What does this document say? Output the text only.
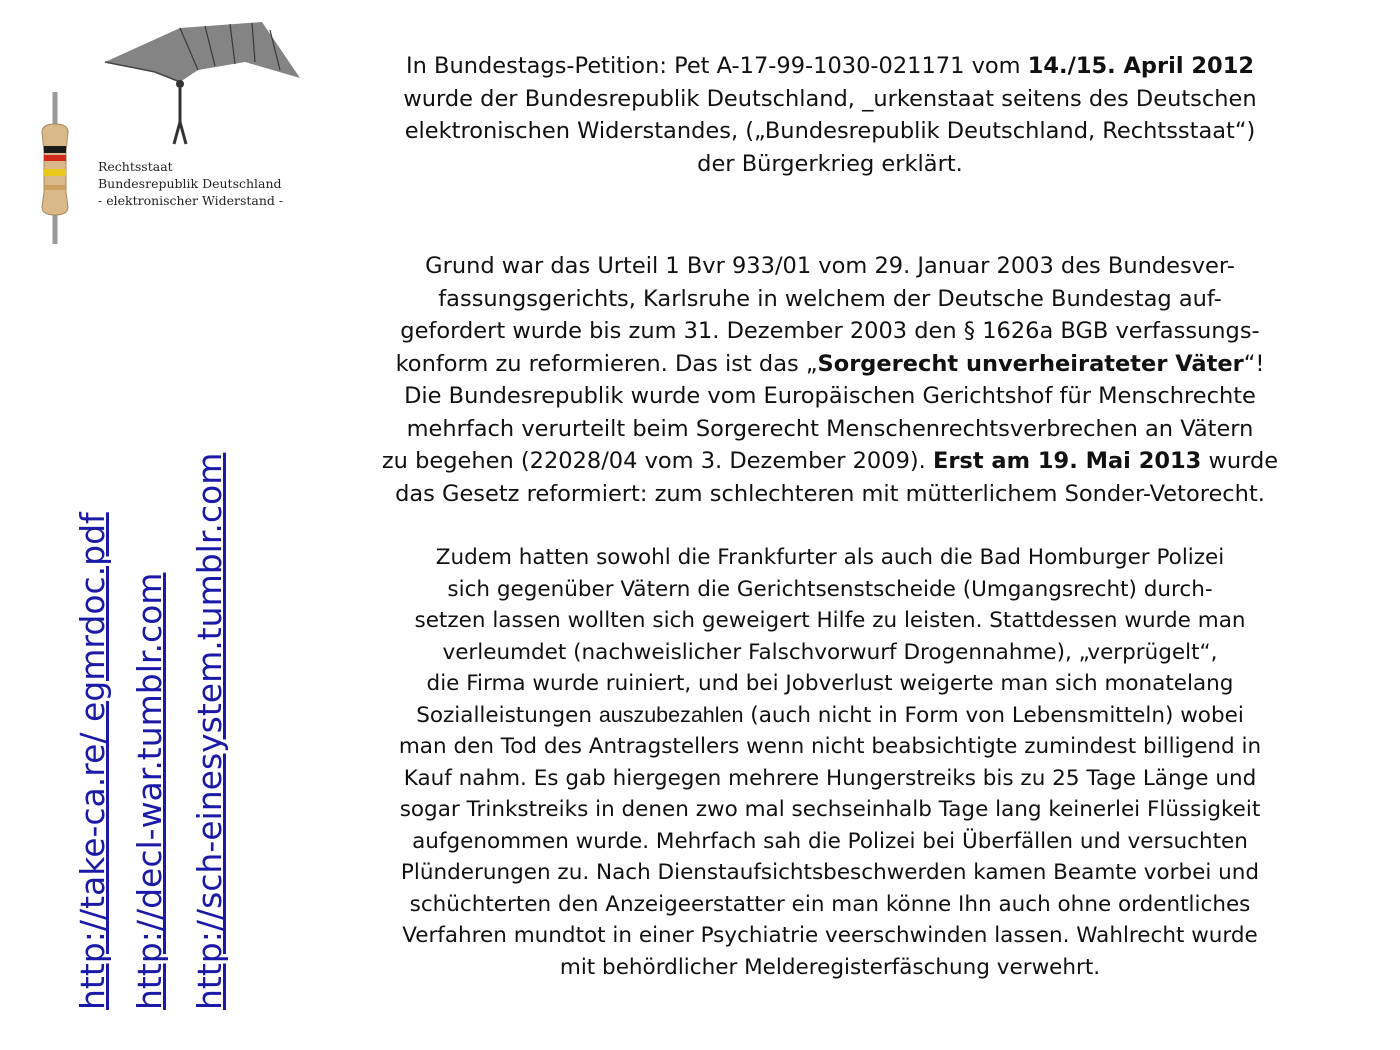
Rechtsstaat
Bundesrepublik Deutschland
- elektronischer Widerstand -
http://take-ca.re/ egmrdoc.pdf http://decl-war.tumblr.com http://sch-einesystem.tumblr.com
In Bundestags-Petition: Pet A-17-99-1030-021171 vom 14./15. April 2012
wurde der Bundesrepublik Deutschland, _urkenstaat seitens des Deutschen
elektronischen Widerstandes, („Bundesrepublik Deutschland, Rechtsstaat“)
der Bürgerkrieg erklärt.
Grund war das Urteil 1 Bvr 933/01 vom 29. Januar 2003 des Bundesver-
fassungsgerichts, Karlsruhe in welchem der Deutsche Bundestag auf-
gefordert wurde bis zum 31. Dezember 2003 den § 1626a BGB verfassungs-
konform zu reformieren. Das ist das „Sorgerecht unverheirateter Väter“!
Die Bundesrepublik wurde vom Europäischen Gerichtshof für Menschrechte
mehrfach verurteilt beim Sorgerecht Menschenrechtsverbrechen an Vätern
zu begehen (22028/04 vom 3. Dezember 2009). Erst am 19. Mai 2013 wurde
das Gesetz reformiert: zum schlechteren mit mütterlichem Sonder-Vetorecht.
Zudem hatten sowohl die Frankfurter als auch die Bad Homburger Polizei
sich gegenüber Vätern die Gerichtsenstscheide (Umgangsrecht) durch-
setzen lassen wollten sich geweigert Hilfe zu leisten. Stattdessen wurde man
verleumdet (nachweislicher Falschvorwurf Drogennahme), „verprügelt“,
die Firma wurde ruiniert, und bei Jobverlust weigerte man sich monatelang
Sozialleistungen auszubezahlen (auch nicht in Form von Lebensmitteln) wobei
man den Tod des Antragstellers wenn nicht beabsichtigte zumindest billigend in
Kauf nahm. Es gab hiergegen mehrere Hungerstreiks bis zu 25 Tage Länge und
sogar Trinkstreiks in denen zwo mal sechseinhalb Tage lang keinerlei Flüssigkeit
aufgenommen wurde. Mehrfach sah die Polizei bei Überfällen und versuchten
Plünderungen zu. Nach Dienstaufsichtsbeschwerden kamen Beamte vorbei und
schüchterten den Anzeigeerstatter ein man könne Ihn auch ohne ordentliches
Verfahren mundtot in einer Psychiatrie veerschwinden lassen. Wahlrecht wurde
mit behördlicher Melderegisterfäschung verwehrt.
